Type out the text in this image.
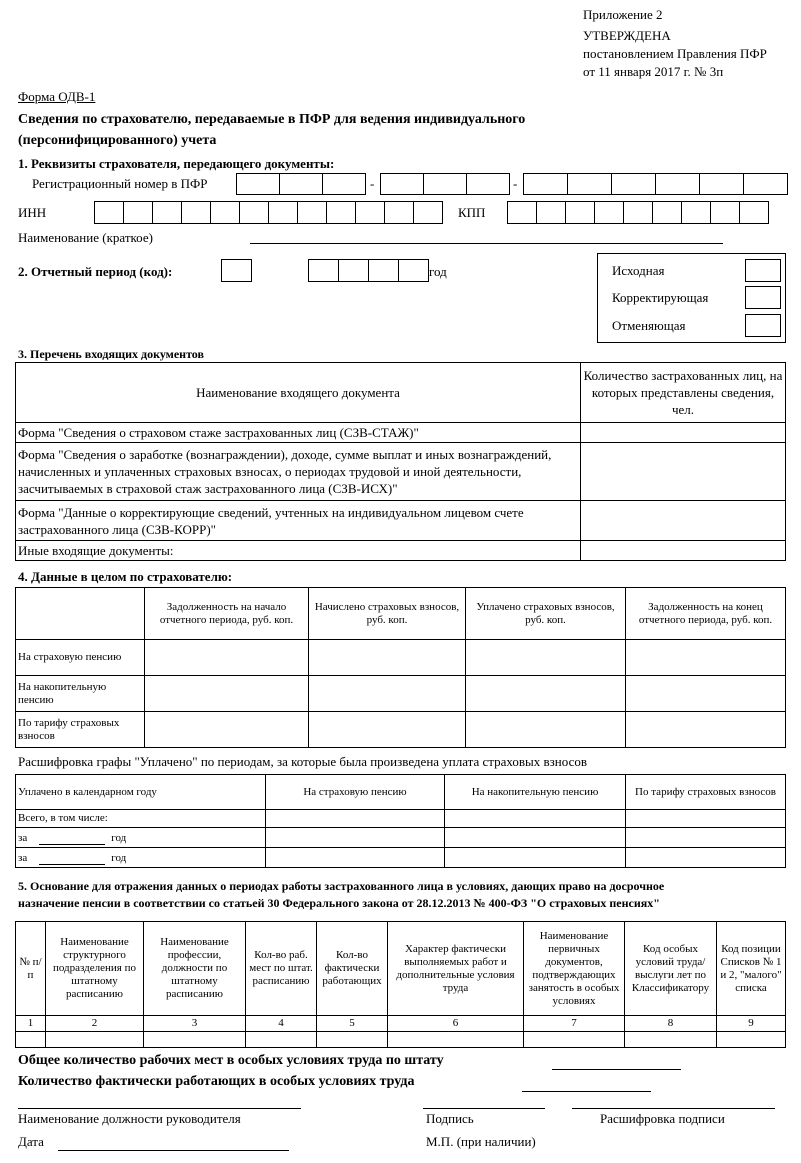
Приложение 2
УТВЕРЖДЕНА
постановлением Правления ПФР
от 11 января 2017 г. № 3п
Форма ОДВ-1
Сведения по страхователю, передаваемые в ПФР для ведения индивидуального
(персонифицированного) учета
1. Реквизиты страхователя, передающего документы:
Регистрационный номер в ПФР	-	-
ИНН	КПП
Наименование (краткое)
2. Отчетный период (код):	год	Исходная
Корректирующая
Отменяющая
3. Перечень входящих документов
Наименование входящего документа	Количество застрахованных лиц, на которых представлены сведения, чел.
Форма "Сведения о страховом стаже застрахованных лиц (СЗВ-СТАЖ)"	
Форма "Сведения о заработке (вознаграждении), доходе, сумме выплат и иных вознаграждений, начисленных и уплаченных страховых взносах, о периодах трудовой и иной деятельности, засчитываемых в страховой стаж застрахованного лица (СЗВ-ИСХ)"	
Форма "Данные о корректирующие сведений, учтенных на индивидуальном лицевом счете застрахованного лица (СЗВ-КОРР)"	
Иные входящие документы:	
4. Данные в целом по страхователю:
	Задолженность на начало отчетного периода, руб. коп.	Начислено страховых взносов, руб. коп.	Уплачено страховых взносов, руб. коп.	Задолженность на конец отчетного периода, руб. коп.
На страховую пенсию				
На накопительную пенсию				
По тарифу страховых взносов				
Расшифровка графы "Уплачено" по периодам, за которые была произведена уплата страховых взносов
Уплачено в календарном году	На страховую пенсию	На накопительную пенсию	По тарифу страховых взносов
Всего, в том числе:			
за год			
за год			
5. Основание для отражения данных о периодах работы застрахованного лица в условиях, дающих право на досрочное
назначение пенсии в соответствии со статьей 30 Федерального закона от 28.12.2013 № 400-ФЗ "О страховых пенсиях"
№ п/п	Наименование структурного подразделения по штатному расписанию	Наименование профессии, должности по штатному расписанию	Кол-во раб. мест по штат. расписанию	Кол-во фактически работающих	Характер фактически выполняемых работ и дополнительные условия труда	Наименование первичных документов, подтверждающих занятость в особых условиях	Код особых условий труда/ выслуги лет по Классификатору	Код позиции Списков № 1 и 2, "малого" списка
1	2	3	4	5	6	7	8	9

Общее количество рабочих мест в особых условиях труда по штату
Количество фактически работающих в особых условиях труда
Наименование должности руководителя	Подпись	Расшифровка подписи
Дата	М.П. (при наличии)
